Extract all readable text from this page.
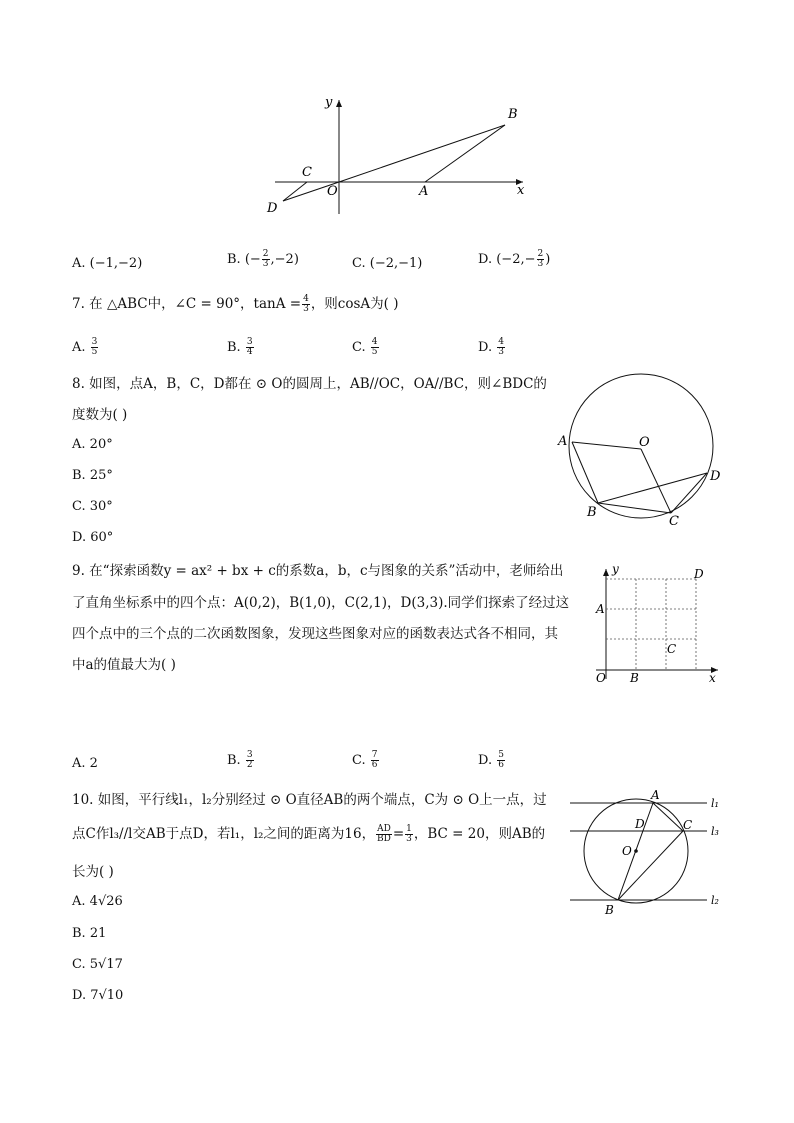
x
y
B
C
O	A
D
A. (−1,−2)	B. (− $\frac{2}{3} ,-2$)	C. (−2,−1)	D. ($-2,- \frac{2}{3}$ )
7. 在 △ABC中，∠C = 90°，$\tan A = \frac{4}{3}$ ，则cosA为( )
A. $\frac{3}{5}$	B. $\frac{3}{4}$	C. $\frac{4}{5}$	D. $\frac{4}{3}$
8. 如图，点A，B，C，D都在 ⊙ O的圆周上，AB//OC，OA//BC，则∠BDC的
度数为( )
A. 20°
B. 25°
C. 30°
D. 60°
A	O
D
B
C
9. 在“探索函数y = ax² + bx + c的系数a，b，c与图象的关系”活动中，老师给出
了直角坐标系中的四个点：A(0,2)，B(1,0)，C(2,1)，D(3,3).同学们探索了经过这
四个点中的三个点的二次函数图象，发现这些图象对应的函数表达式各不相同，其
中a的值最大为( )
y	D
A
C
O B	x
A. 2	B. $\frac{3}{2}$	C. $\frac{7}{6}$	D. $\frac{5}{6}$
10. 如图，平行线l₁，l₂分别经过 ⊙ O直径AB的两个端点，C为 ⊙ O上一点，过
点C作l₃//l交AB于点D，若l₁，l₂之间的距离为16， $\frac{AD}{BD} = \frac{1}{3}$ ，BC = 20，则AB的
长为( )
A. 4√26
B. 21
C. 5√17
D. 7√10
A
D	C
O
B
l₁
l₃
l₂
